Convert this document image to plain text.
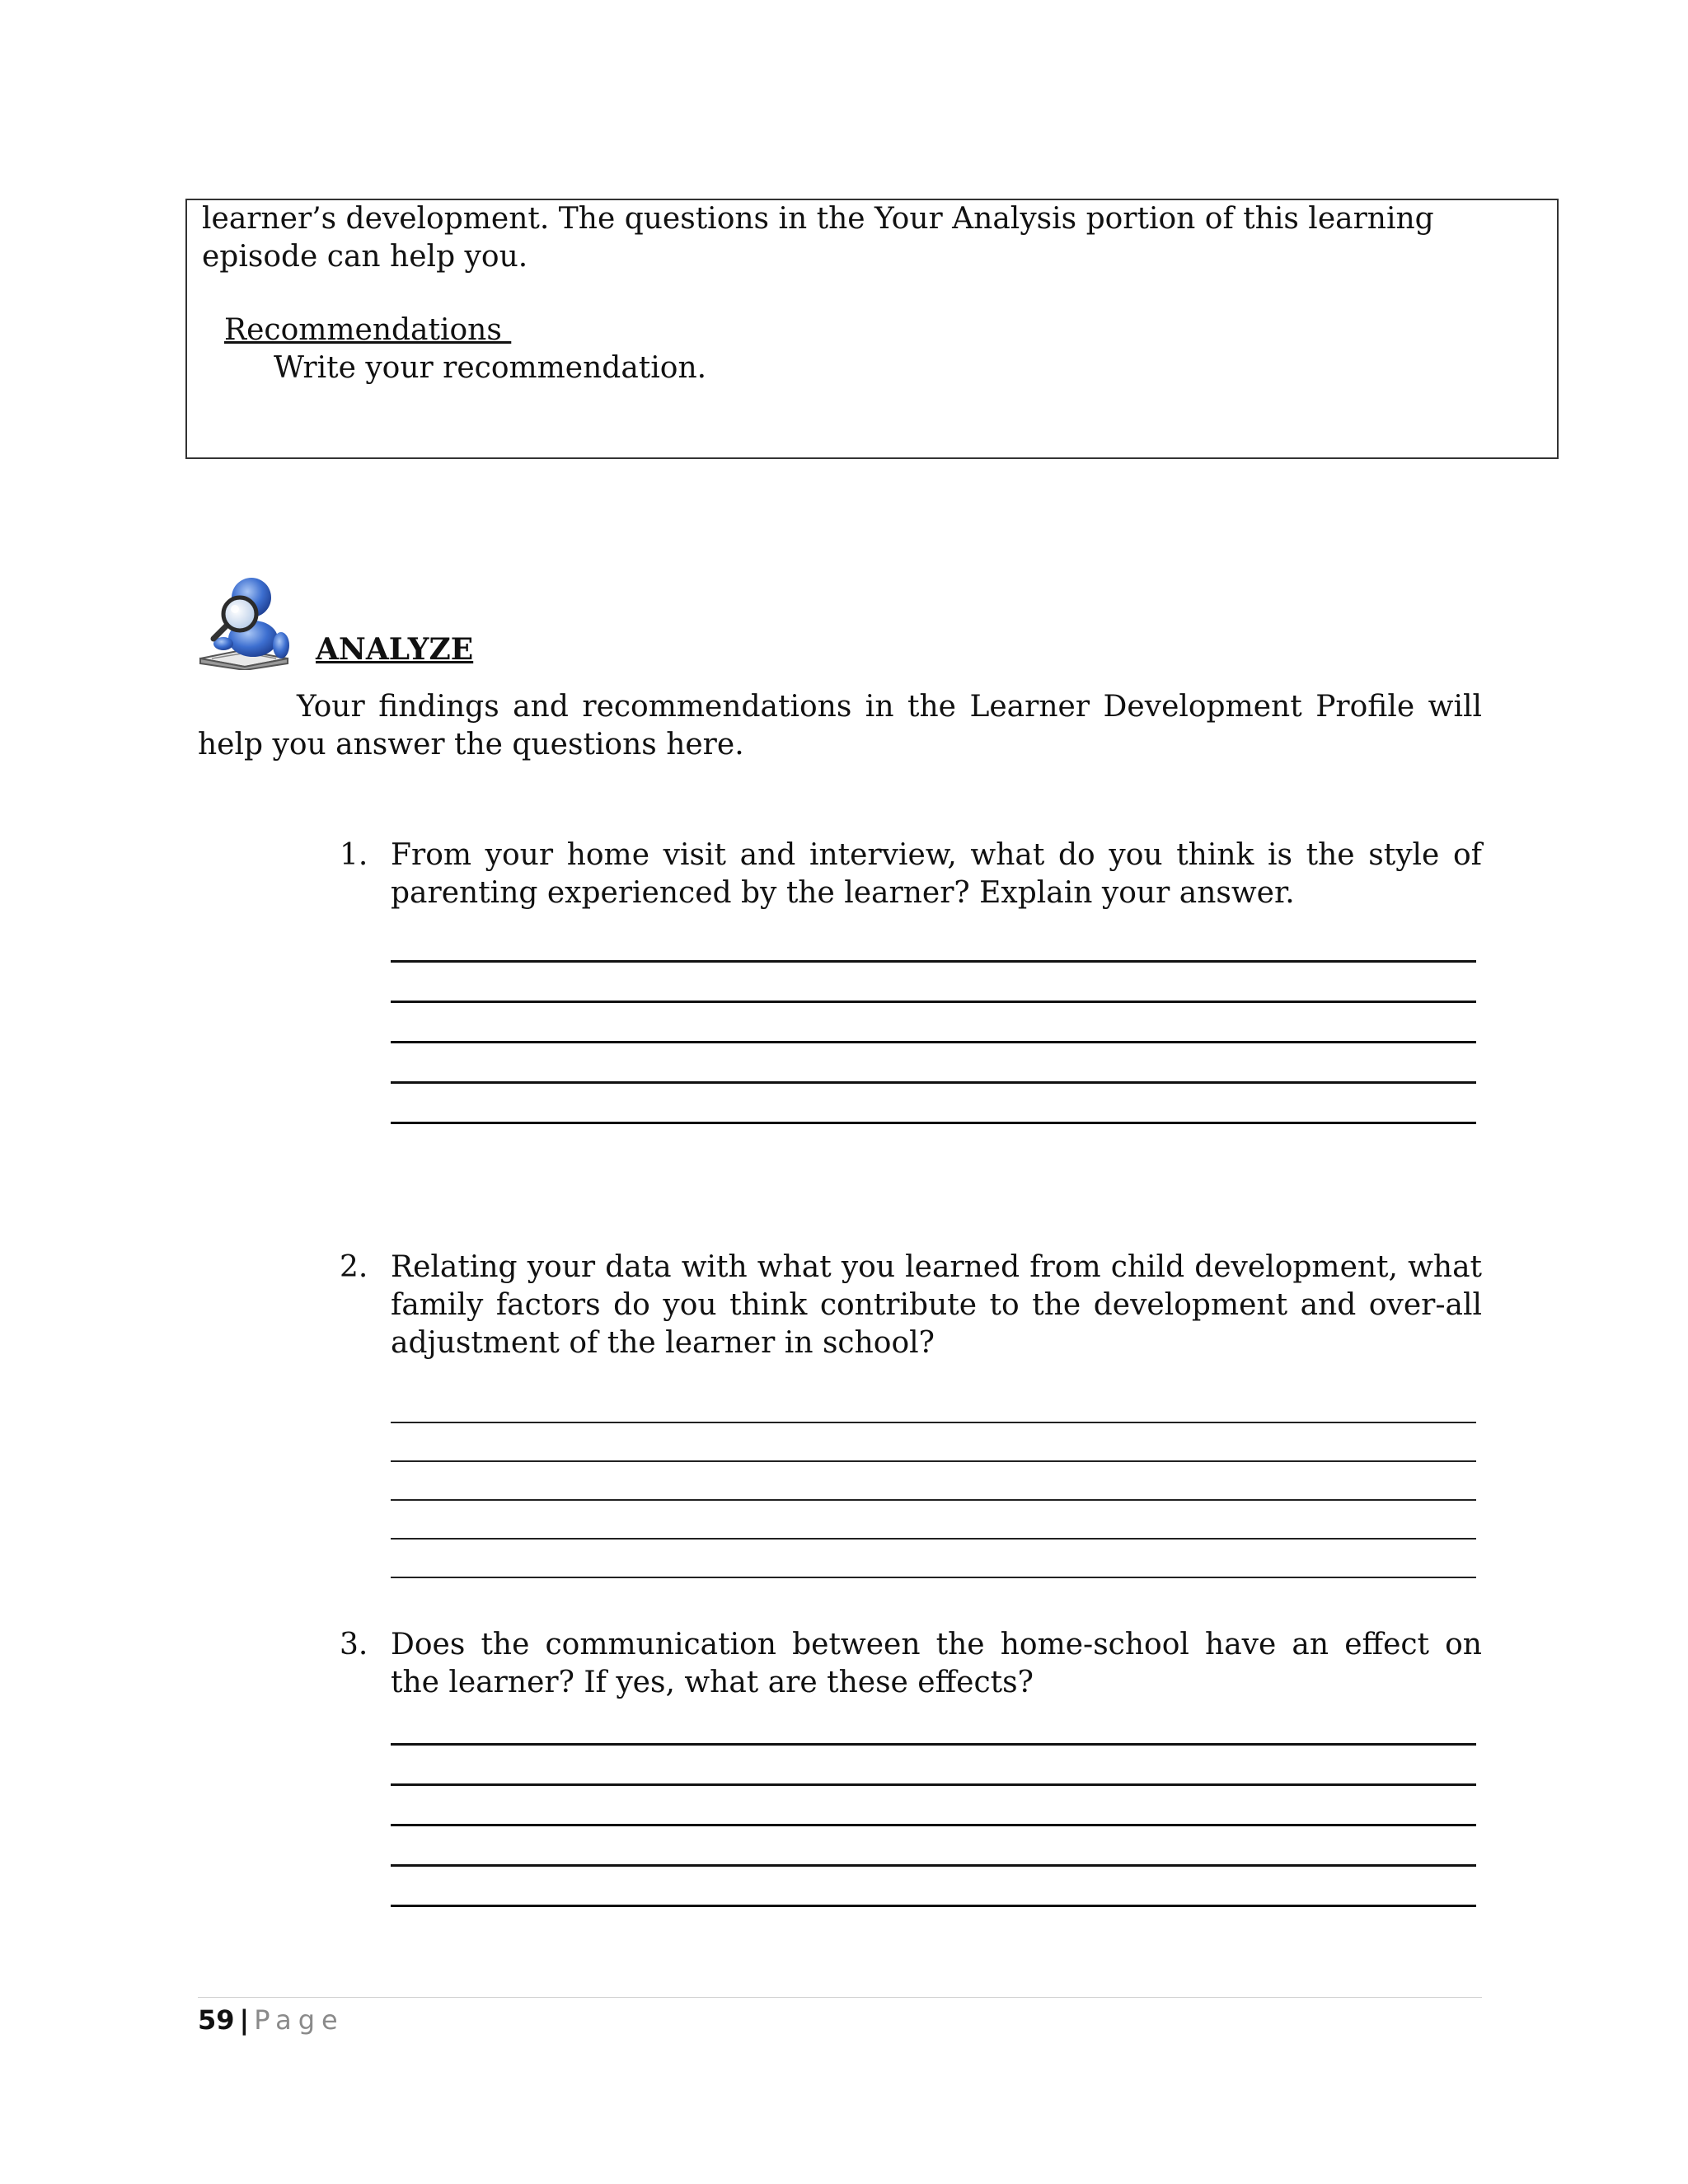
learner’s development. The questions in the Your Analysis portion of this learning episode can help you.
Recommendations
Write your recommendation.
ANALYZE

Your findings and recommendations in the Learner Development Profile will help you answer the questions here.

1. From your home visit and interview, what do you think is the style of parenting experienced by the learner? Explain your answer.
2. Relating your data with what you learned from child development, what family factors do you think contribute to the development and over-all adjustment of the learner in school?
3. Does the communication between the home-school have an effect on the learner? If yes, what are these effects?
59 | Page
